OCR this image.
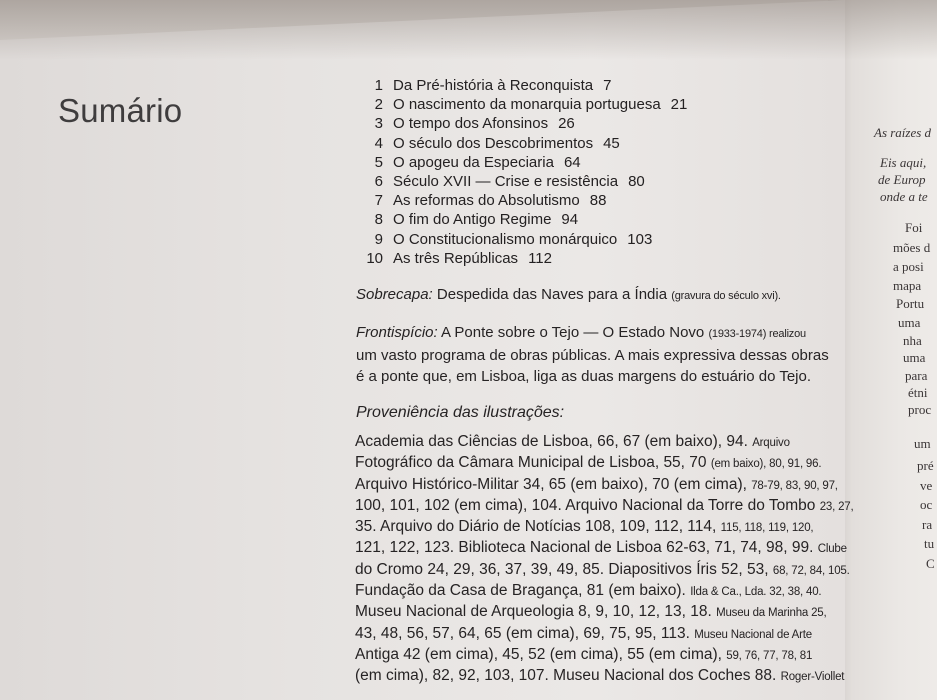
Sumário
1 Da Pré-história à Reconquista 7
2 O nascimento da monarquia portuguesa 21
3 O tempo dos Afonsinos 26
4 O século dos Descobrimentos 45
5 O apogeu da Especiaria 64
6 Século XVII — Crise e resistência 80
7 As reformas do Absolutismo 88
8 O fim do Antigo Regime 94
9 O Constitucionalismo monárquico 103
10 As três Repúblicas 112
Sobrecapa: Despedida das Naves para a Índia (gravura do século xvi).
Frontispício: A Ponte sobre o Tejo — O Estado Novo (1933-1974) realizou
um vasto programa de obras públicas. A mais expressiva dessas obras
é a ponte que, em Lisboa, liga as duas margens do estuário do Tejo.
Proveniência das ilustrações:
Academia das Ciências de Lisboa, 66, 67 (em baixo), 94. Arquivo
Fotográfico da Câmara Municipal de Lisboa, 55, 70 (em baixo), 80, 91, 96.
Arquivo Histórico-Militar 34, 65 (em baixo), 70 (em cima), 78-79, 83, 90, 97,
100, 101, 102 (em cima), 104. Arquivo Nacional da Torre do Tombo 23, 27,
35. Arquivo do Diário de Notícias 108, 109, 112, 114, 115, 118, 119, 120,
121, 122, 123. Biblioteca Nacional de Lisboa 62-63, 71, 74, 98, 99. Clube
do Cromo 24, 29, 36, 37, 39, 49, 85. Diapositivos Íris 52, 53, 68, 72, 84, 105.
Fundação da Casa de Bragança, 81 (em baixo). Ilda & Ca., Lda. 32, 38, 40.
Museu Nacional de Arqueologia 8, 9, 10, 12, 13, 18. Museu da Marinha 25,
43, 48, 56, 57, 64, 65 (em cima), 69, 75, 95, 113. Museu Nacional de Arte
Antiga 42 (em cima), 45, 52 (em cima), 55 (em cima), 59, 76, 77, 78, 81
(em cima), 82, 92, 103, 107. Museu Nacional dos Coches 88. Roger-Viollet
As raízes d
Eis aqui,
de Europ
onde a te
Foi
mões d
a posi
mapa
Portu
uma
nha
uma
para
étni
proc
um
pré
ve
oc
ra
tu
C
